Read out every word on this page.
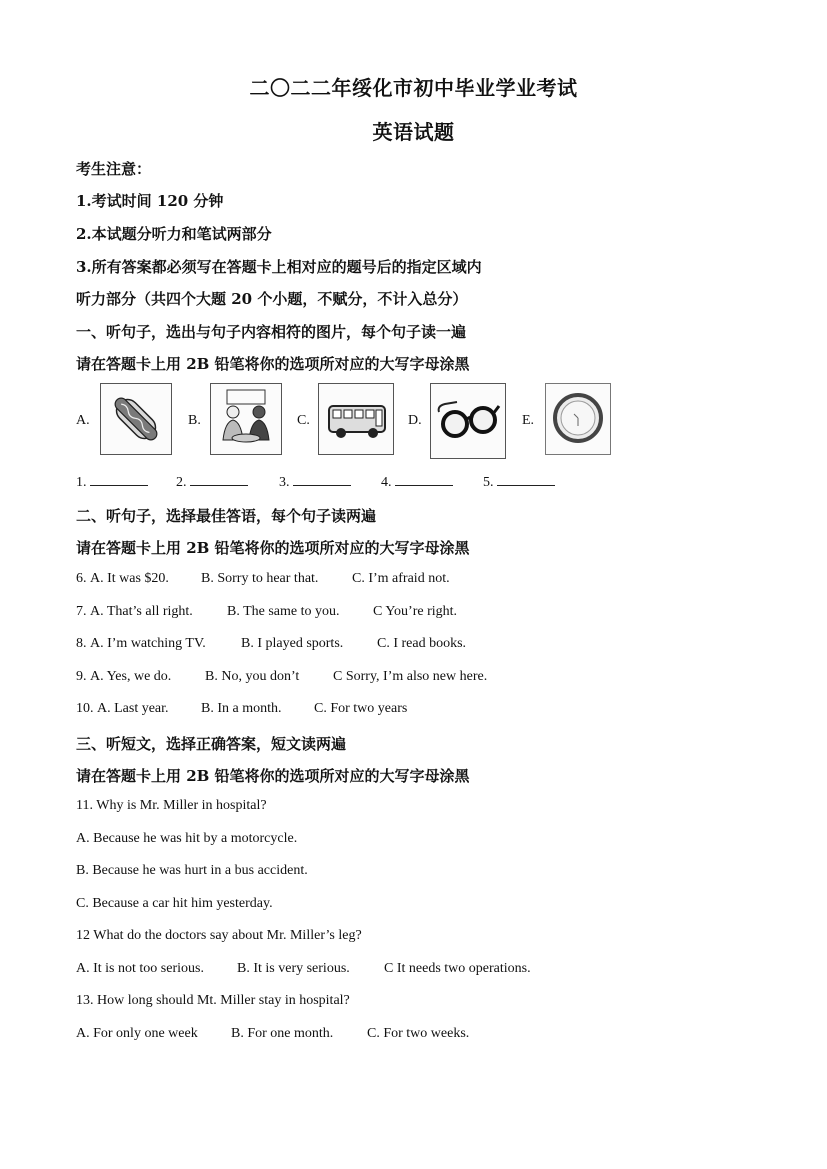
二〇二二年绥化市初中毕业学业考试
英语试题
考生注意：
1.考试时间 120 分钟
2.本试题分听力和笔试两部分
3.所有答案都必须写在答题卡上相对应的题号后的指定区域内
听力部分（共四个大题 20 个小题，不赋分，不计入总分）
一、听句子，选出与句子内容相符的图片，每个句子读一遍
请在答题卡上用 2B 铅笔将你的选项所对应的大写字母涂黑
A.	B.	C.	D.	E.
1.	2.	3.	4.	5.
二、听句子，选择最佳答语，每个句子读两遍
请在答题卡上用 2B 铅笔将你的选项所对应的大写字母涂黑
6. A. It was $20. B. Sorry to hear that. C. I’m afraid not.
7. A. That’s all right. B. The same to you. C You’re right.
8. A. I’m watching TV.	B. I played sports. C. I read books.
9. A. Yes, we do. B. No, you don’t C Sorry, I’m also new here.
10. A. Last year. B. In a month. C. For two years
三、听短文，选择正确答案，短文读两遍
请在答题卡上用 2B 铅笔将你的选项所对应的大写字母涂黑
11. Why is Mr. Miller in hospital?
A. Because he was hit by a motorcycle.
B. Because he was hurt in a bus accident.
C. Because a car hit him yesterday.
12 What do the doctors say about Mr. Miller’s leg?
A. It is not too serious. B. It is very serious. C It needs two operations.
13. How long should Mt. Miller stay in hospital?
A. For only one week B. For one month. C. For two weeks.
